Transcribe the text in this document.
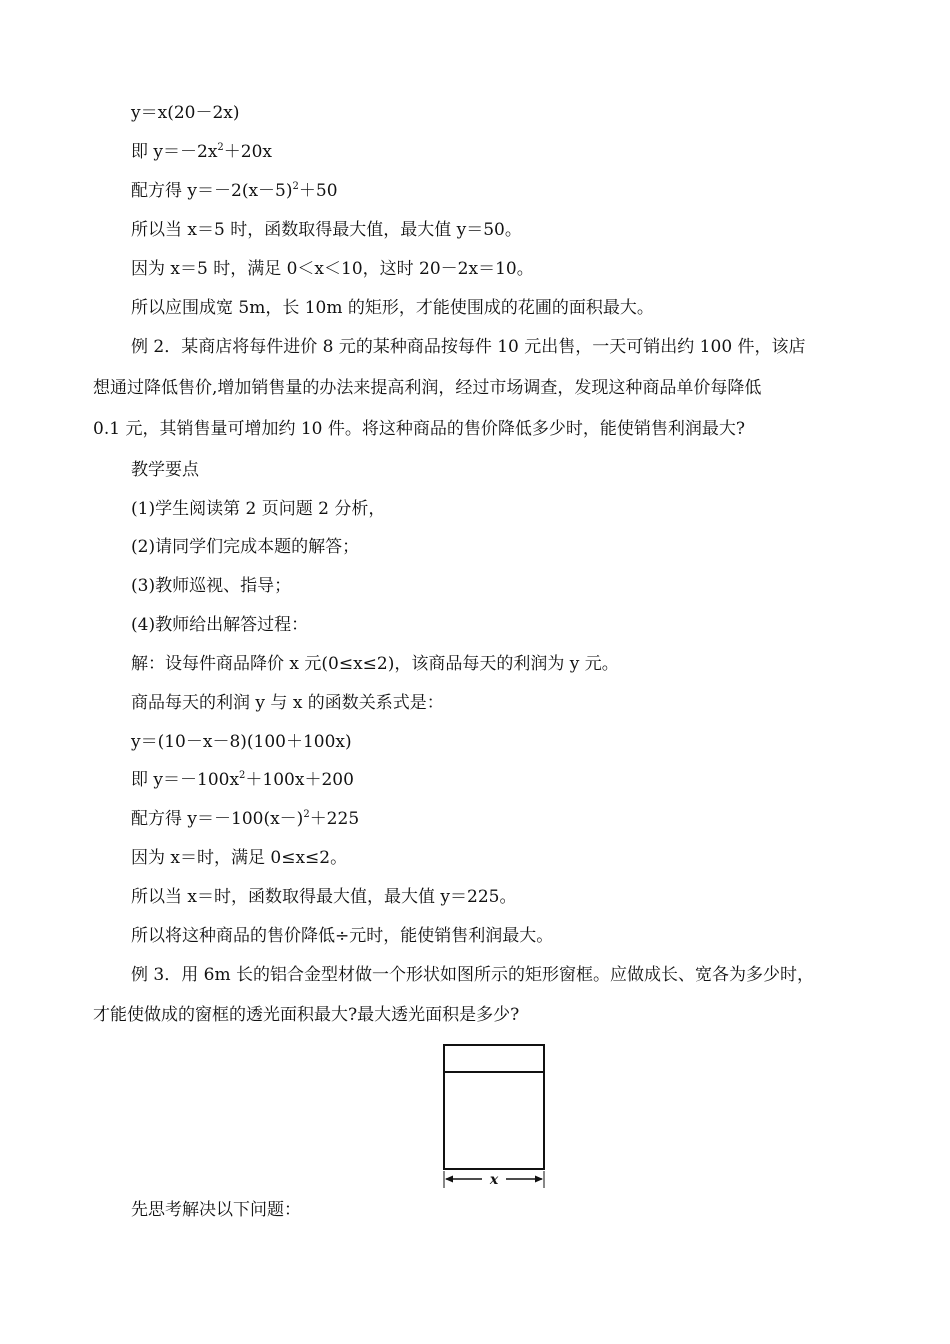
y＝x(20－2x)
即 $y=-2x^2+20x$
配方得 $y=-2(x-5)^2+50$
所以当 x＝5 时，函数取得最大值，最大值 y＝50。
因为 x＝5 时，满足 0＜x＜10，这时 20－2x＝10。
所以应围成宽 5m，长 10m 的矩形，才能使围成的花圃的面积最大。
例 2．某商店将每件进价 8 元的某种商品按每件 10 元出售，一天可销出约 100 件，该店
想通过降低售价,增加销售量的办法来提高利润，经过市场调查，发现这种商品单价每降低
0.1 元，其销售量可增加约 10 件。将这种商品的售价降低多少时，能使销售利润最大?
教学要点
(1)学生阅读第 2 页问题 2 分析，
(2)请同学们完成本题的解答；
(3)教师巡视、指导；
(4)教师给出解答过程：
解：设每件商品降价 x 元(0≤x≤2)，该商品每天的利润为 y 元。
商品每天的利润 y 与 x 的函数关系式是：
y＝(10－x－8)(100＋100x)
即 $y=-100x^2+100x+200$
配方得 $y=-100(x-)^2+225$
因为 x＝时，满足 0≤x≤2。
所以当 x＝时，函数取得最大值，最大值 y＝225。
所以将这种商品的售价降低÷元时，能使销售利润最大。
例 3．用 6m 长的铝合金型材做一个形状如图所示的矩形窗框。应做成长、宽各为多少时，
才能使做成的窗框的透光面积最大?最大透光面积是多少?
x
先思考解决以下问题：
